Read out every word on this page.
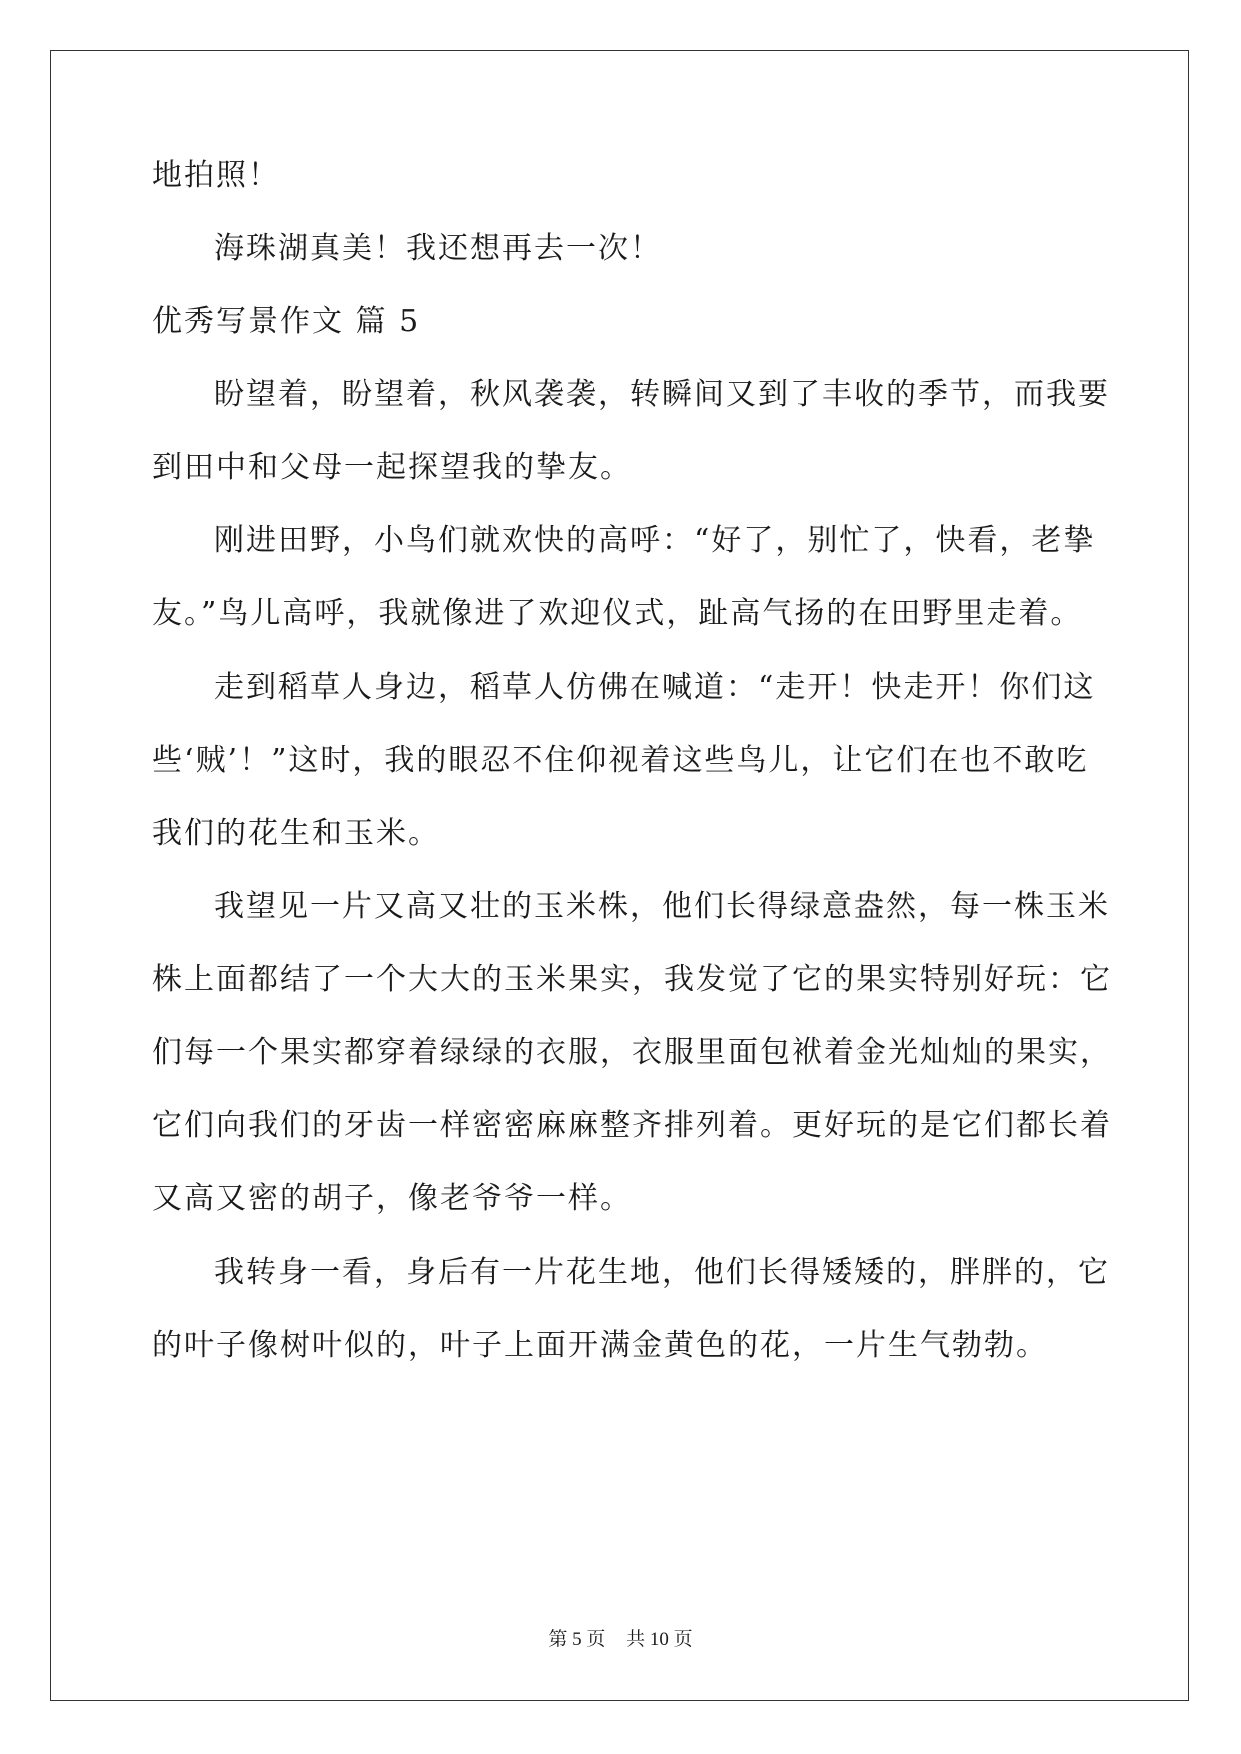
地拍照！

海珠湖真美！我还想再去一次！

优秀写景作文 篇 5

盼望着，盼望着，秋风袭袭，转瞬间又到了丰收的季节，而我要

到田中和父母一起探望我的挚友。

刚进田野，小鸟们就欢快的高呼：“好了，别忙了，快看，老挚

友。”鸟儿高呼，我就像进了欢迎仪式，趾高气扬的在田野里走着。

走到稻草人身边，稻草人仿佛在喊道：“走开！快走开！你们这

些‘贼’！”这时，我的眼忍不住仰视着这些鸟儿，让它们在也不敢吃

我们的花生和玉米。

我望见一片又高又壮的玉米株，他们长得绿意盎然，每一株玉米

株上面都结了一个大大的玉米果实，我发觉了它的果实特别好玩：它

们每一个果实都穿着绿绿的衣服，衣服里面包袱着金光灿灿的果实，

它们向我们的牙齿一样密密麻麻整齐排列着。更好玩的是它们都长着

又高又密的胡子，像老爷爷一样。

我转身一看，身后有一片花生地，他们长得矮矮的，胖胖的，它

的叶子像树叶似的，叶子上面开满金黄色的花，一片生气勃勃。

第 5 页 共 10 页
